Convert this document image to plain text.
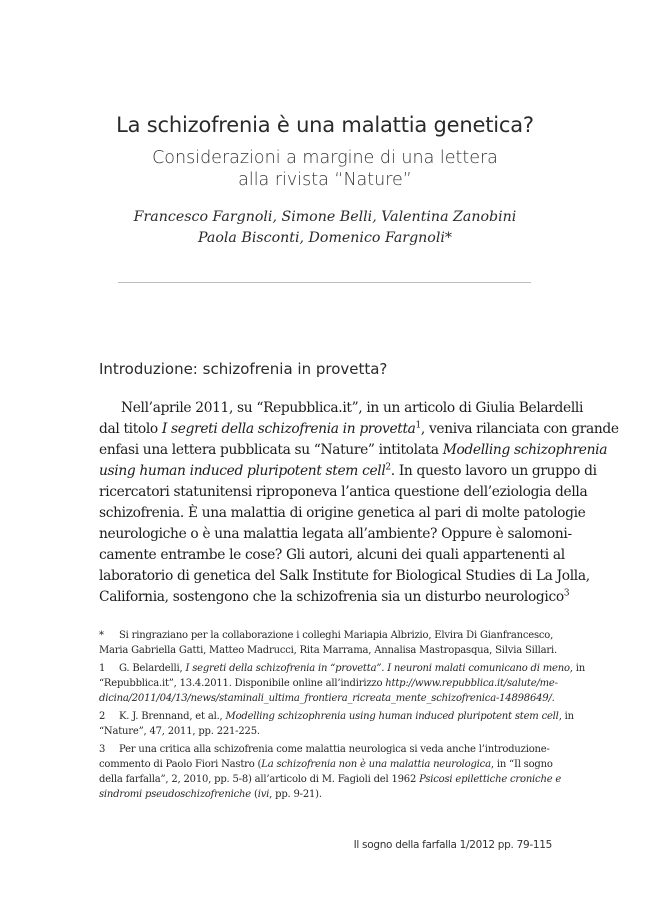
La schizofrenia è una malattia genetica?
Considerazioni a margine di una lettera
alla rivista “Nature”
Francesco Fargnoli, Simone Belli, Valentina Zanobini
Paola Bisconti, Domenico Fargnoli*
Introduzione: schizofrenia in provetta?
Nell’aprile 2011, su “Repubblica.it”, in un articolo di Giulia Belardelli
dal titolo I segreti della schizofrenia in provetta$^1$, veniva rilanciata con grande
enfasi una lettera pubblicata su “Nature” intitolata Modelling schizophrenia
using human induced pluripotent stem cell$^2$. In questo lavoro un gruppo di
ricercatori statunitensi riproponeva l’antica questione dell’eziologia della
schizofrenia. È una malattia di origine genetica al pari di molte patologie
neurologiche o è una malattia legata all’ambiente? Oppure è salomoni-
camente entrambe le cose? Gli autori, alcuni dei quali appartenenti al
laboratorio di genetica del Salk Institute for Biological Studies di La Jolla,
California, sostengono che la schizofrenia sia un disturbo neurologico$^3$
* Si ringraziano per la collaborazione i colleghi Mariapia Albrizio, Elvira Di Gianfrancesco,
Maria Gabriella Gatti, Matteo Madrucci, Rita Marrama, Annalisa Mastropasqua, Silvia Sillari.
1 G. Belardelli, I segreti della schizofrenia in “provetta”. I neuroni malati comunicano di meno, in
“Repubblica.it”, 13.4.2011. Disponibile online all’indirizzo http://www.repubblica.it/salute/me-
dicina/2011/04/13/news/staminali_ultima_frontiera_ricreata_mente_schizofrenica-14898649/.
2 K. J. Brennand, et al., Modelling schizophrenia using human induced pluripotent stem cell, in
“Nature”, 47, 2011, pp. 221-225.
3 Per una critica alla schizofrenia come malattia neurologica si veda anche l’introduzione-
commento di Paolo Fiori Nastro (La schizofrenia non è una malattia neurologica, in “Il sogno
della farfalla”, 2, 2010, pp. 5-8) all’articolo di M. Fagioli del 1962 Psicosi epilettiche croniche e
sindromi pseudoschizofreniche (ivi, pp. 9-21).
Il sogno della farfalla 1/2012 pp. 79-115
